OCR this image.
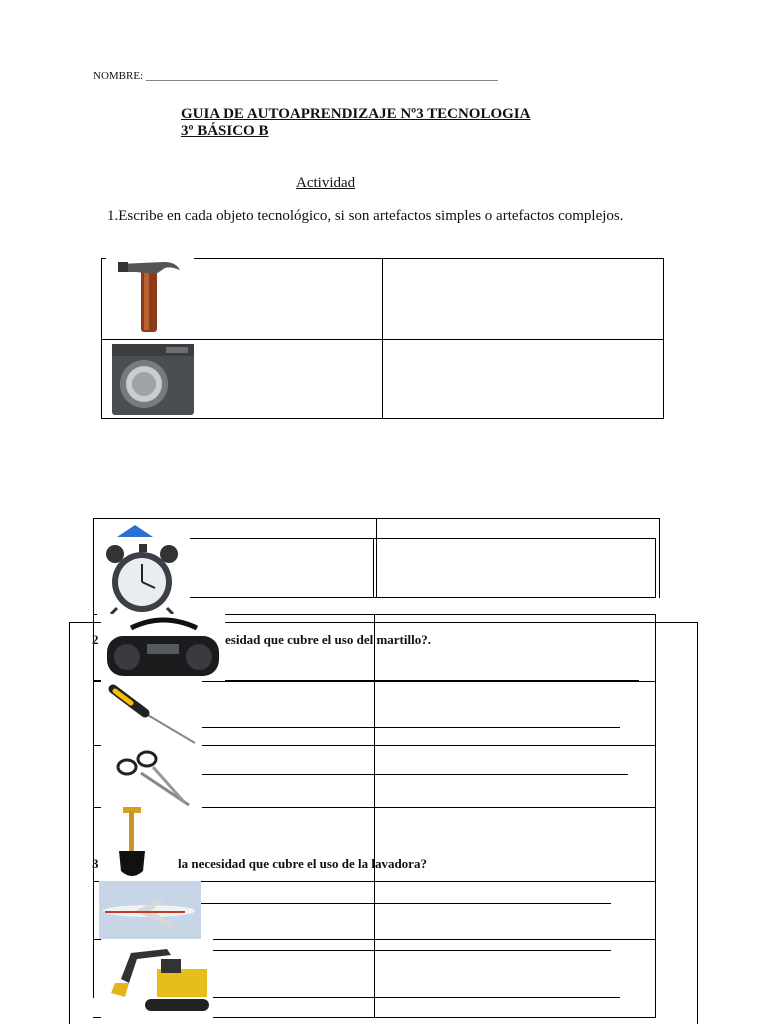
NOMBRE: ________________________________________________________________
GUIA DE AUTOAPRENDIZAJE Nº3 TECNOLOGIA
3º BÁSICO B
Actividad
1.Escribe en cada objeto tecnológico, si son artefactos simples o artefactos complejos.
2	esidad que cubre el uso del martillo?.
3	la necesidad que cubre el uso de la lavadora?
